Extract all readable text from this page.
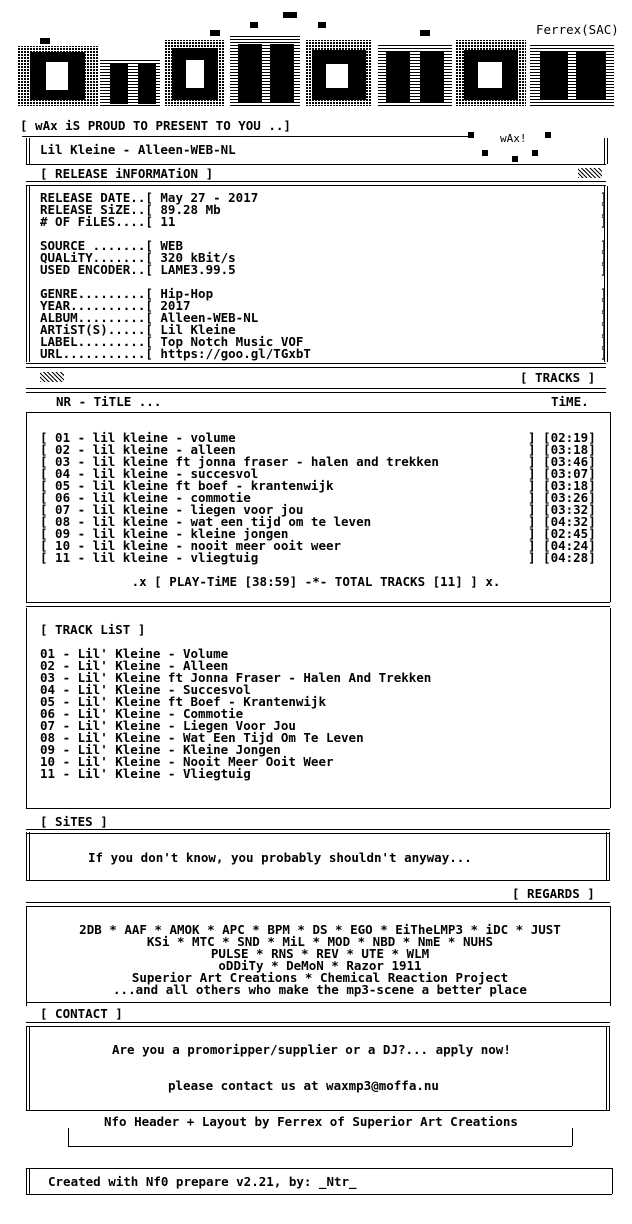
Ferrex(SAC)
wAx!
[ wAx iS PROUD TO PRESENT TO YOU ..]
Lil Kleine - Alleen-WEB-NL
[ RELEASE iNFORMATiON ]
RELEASE DATE..[ May 27 - 2017	]
RELEASE SiZE..[ 89.28 Mb	]
# OF FiLES....[ 11	]
SOURCE .......[ WEB	]
QUALiTY.......[ 320 kBit/s	]
USED ENCODER..[ LAME3.99.5	]
GENRE.........[ Hip-Hop	]
YEAR..........[ 2017	]
ALBUM.........[ Alleen-WEB-NL	]
ARTiST(S).....[ Lil Kleine	]
LABEL.........[ Top Notch Music VOF	]
URL...........[ https://goo.gl/TGxbT	]
[ TRACKS ]
NR - TiTLE ...	TiME.
[ 01 - lil kleine - volume	] [02:19]
[ 02 - lil kleine - alleen	] [03:18]
[ 03 - lil kleine ft jonna fraser - halen and trekken	] [03:46]
[ 04 - lil kleine - succesvol	] [03:07]
[ 05 - lil kleine ft boef - krantenwijk	] [03:18]
[ 06 - lil kleine - commotie	] [03:26]
[ 07 - lil kleine - liegen voor jou	] [03:32]
[ 08 - lil kleine - wat een tijd om te leven	] [04:32]
[ 09 - lil kleine - kleine jongen	] [02:45]
[ 10 - lil kleine - nooit meer ooit weer	] [04:24]
[ 11 - lil kleine - vliegtuig	] [04:28]
.x [ PLAY-TiME [38:59] -*- TOTAL TRACKS [11] ] x.
[ TRACK LiST ]
01 - Lil' Kleine - Volume
02 - Lil' Kleine - Alleen
03 - Lil' Kleine ft Jonna Fraser - Halen And Trekken
04 - Lil' Kleine - Succesvol
05 - Lil' Kleine ft Boef - Krantenwijk
06 - Lil' Kleine - Commotie
07 - Lil' Kleine - Liegen Voor Jou
08 - Lil' Kleine - Wat Een Tijd Om Te Leven
09 - Lil' Kleine - Kleine Jongen
10 - Lil' Kleine - Nooit Meer Ooit Weer
11 - Lil' Kleine - Vliegtuig
[ SiTES ]
If you don't know, you probably shouldn't anyway...
[ REGARDS ]
2DB * AAF * AMOK * APC * BPM * DS * EGO * EiTheLMP3 * iDC * JUST
KSi * MTC * SND * MiL * MOD * NBD * NmE * NUHS
PULSE * RNS * REV * UTE * WLM
oDDiTy * DeMoN * Razor 1911
Superior Art Creations * Chemical Reaction Project
...and all others who make the mp3-scene a better place
[ CONTACT ]
Are you a promoripper/supplier or a DJ?... apply now!
please contact us at waxmp3@moffa.nu
Nfo Header + Layout by Ferrex of Superior Art Creations
Created with Nf0 prepare v2.21, by: _Ntr_
